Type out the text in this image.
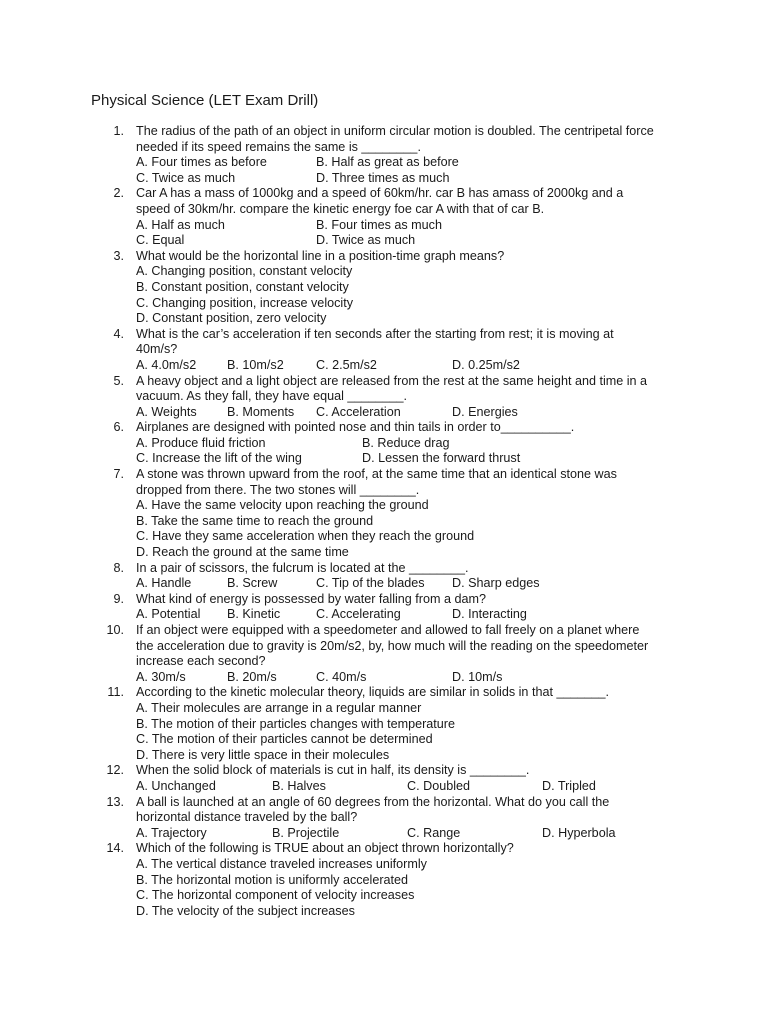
Physical Science (LET Exam Drill)
1. The radius of the path of an object in uniform circular motion is doubled. The centripetal force
needed if its speed remains the same is ________.
A. Four times as before	B. Half as great as before
C. Twice as much	D. Three times as much
2. Car A has a mass of 1000kg and a speed of 60km/hr. car B has amass of 2000kg and a
speed of 30km/hr. compare the kinetic energy foe car A with that of car B.
A. Half as much	B. Four times as much
C. Equal	D. Twice as much
3. What would be the horizontal line in a position-time graph means?
A. Changing position, constant velocity
B. Constant position, constant velocity
C. Changing position, increase velocity
D. Constant position, zero velocity
4. What is the car’s acceleration if ten seconds after the starting from rest; it is moving at
40m/s?
A. 4.0m/s2 B. 10m/s2	C. 2.5m/s2	D. 0.25m/s2
5. A heavy object and a light object are released from the rest at the same height and time in a
vacuum. As they fall, they have equal ________.
A. Weights B. Moments C. Acceleration	D. Energies
6. Airplanes are designed with pointed nose and thin tails in order to__________.
A. Produce fluid friction	B. Reduce drag
C. Increase the lift of the wing	D. Lessen the forward thrust
7. A stone was thrown upward from the roof, at the same time that an identical stone was
dropped from there. The two stones will ________.
A. Have the same velocity upon reaching the ground
B. Take the same time to reach the ground
C. Have they same acceleration when they reach the ground
D. Reach the ground at the same time
8. In a pair of scissors, the fulcrum is located at the ________.
A. Handle	B. Screw	C. Tip of the blades D. Sharp edges
9. What kind of energy is possessed by water falling from a dam?
A. Potential B. Kinetic	C. Accelerating	D. Interacting
10. If an object were equipped with a speedometer and allowed to fall freely on a planet where
the acceleration due to gravity is 20m/s2, by, how much will the reading on the speedometer
increase each second?
A. 30m/s	B. 20m/s	C. 40m/s	D. 10m/s
11. According to the kinetic molecular theory, liquids are similar in solids in that _______.
A. Their molecules are arrange in a regular manner
B. The motion of their particles changes with temperature
C. The motion of their particles cannot be determined
D. There is very little space in their molecules
12. When the solid block of materials is cut in half, its density is ________.
A. Unchanged	B. Halves	C. Doubled	D. Tripled
13. A ball is launched at an angle of 60 degrees from the horizontal. What do you call the
horizontal distance traveled by the ball?
A. Trajectory	B. Projectile	C. Range	D. Hyperbola
14. Which of the following is TRUE about an object thrown horizontally?
A. The vertical distance traveled increases uniformly
B. The horizontal motion is uniformly accelerated
C. The horizontal component of velocity increases
D. The velocity of the subject increases
